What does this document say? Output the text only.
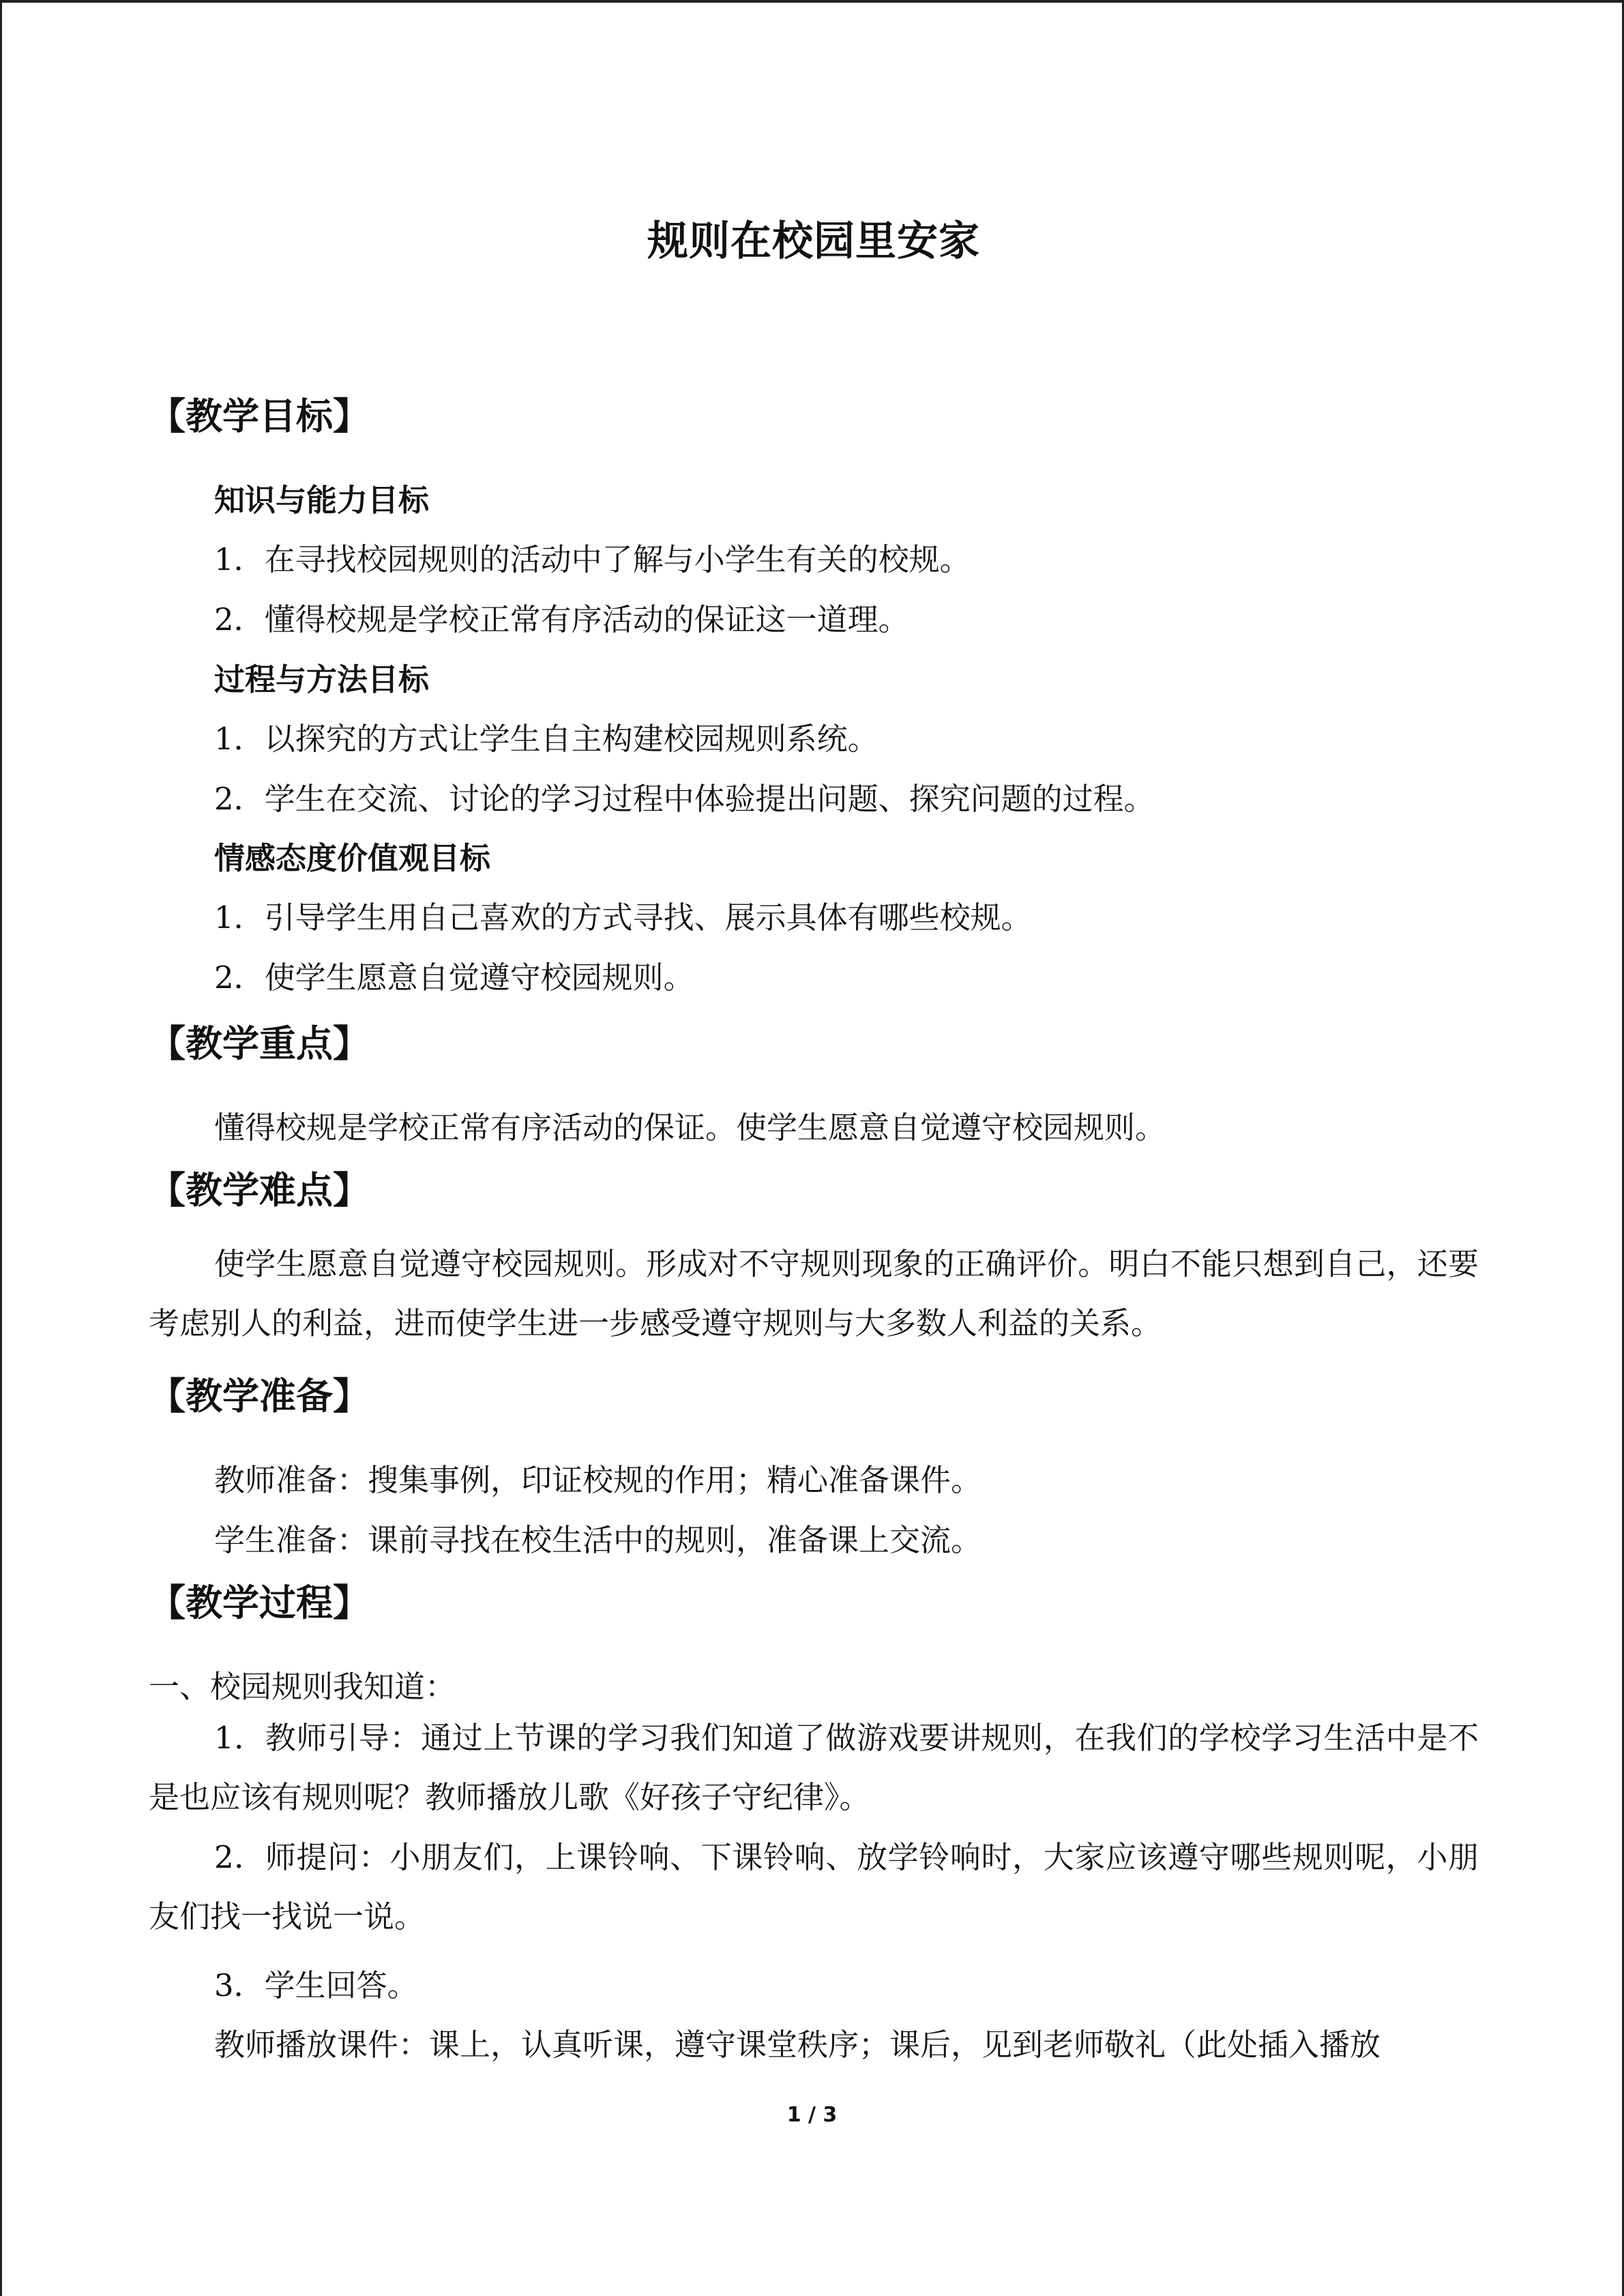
规则在校园里安家
【教学目标】
知识与能力目标
1．在寻找校园规则的活动中了解与小学生有关的校规。
2．懂得校规是学校正常有序活动的保证这一道理。
过程与方法目标
1．以探究的方式让学生自主构建校园规则系统。
2．学生在交流、讨论的学习过程中体验提出问题、探究问题的过程。
情感态度价值观目标
1．引导学生用自己喜欢的方式寻找、展示具体有哪些校规。
2．使学生愿意自觉遵守校园规则。
【教学重点】
懂得校规是学校正常有序活动的保证。使学生愿意自觉遵守校园规则。
【教学难点】
使学生愿意自觉遵守校园规则。形成对不守规则现象的正确评价。明白不能只想到自己，还要考虑别人的利益，进而使学生进一步感受遵守规则与大多数人利益的关系。
【教学准备】
教师准备：搜集事例，印证校规的作用；精心准备课件。
学生准备：课前寻找在校生活中的规则，准备课上交流。
【教学过程】
一、校园规则我知道：
1．教师引导：通过上节课的学习我们知道了做游戏要讲规则，在我们的学校学习生活中是不是也应该有规则呢？教师播放儿歌《好孩子守纪律》。
2．师提问：小朋友们，上课铃响、下课铃响、放学铃响时，大家应该遵守哪些规则呢，小朋友们找一找说一说。
3．学生回答。
教师播放课件：课上，认真听课，遵守课堂秩序；课后，见到老师敬礼（此处插入播放
1 / 3
